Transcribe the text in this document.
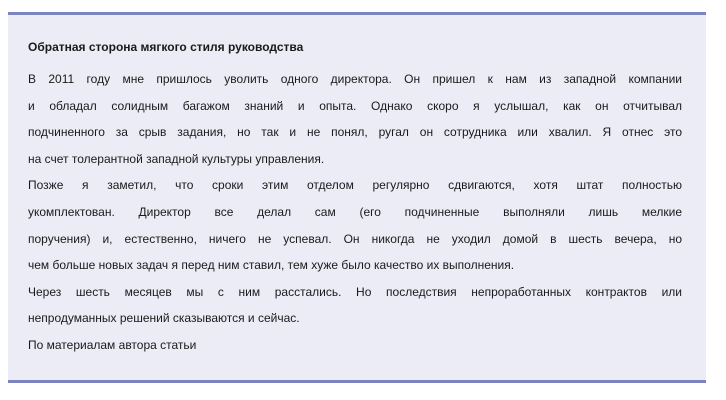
Обратная сторона мягкого стиля руководства
В 2011 году мне пришлось уволить одного директора. Он пришел к нам из западной компании
и обладал солидным багажом знаний и опыта. Однако скоро я услышал, как он отчитывал
подчиненного за срыв задания, но так и не понял, ругал он сотрудника или хвалил. Я отнес это
на счет толерантной западной культуры управления.
Позже я заметил, что сроки этим отделом регулярно сдвигаются, хотя штат полностью
укомплектован. Директор все делал сам (его подчиненные выполняли лишь мелкие
поручения) и, естественно, ничего не успевал. Он никогда не уходил домой в шесть вечера, но
чем больше новых задач я перед ним ставил, тем хуже было качество их выполнения.
Через шесть месяцев мы с ним расстались. Но последствия непроработанных контрактов или
непродуманных решений сказываются и сейчас.
По материалам автора статьи
